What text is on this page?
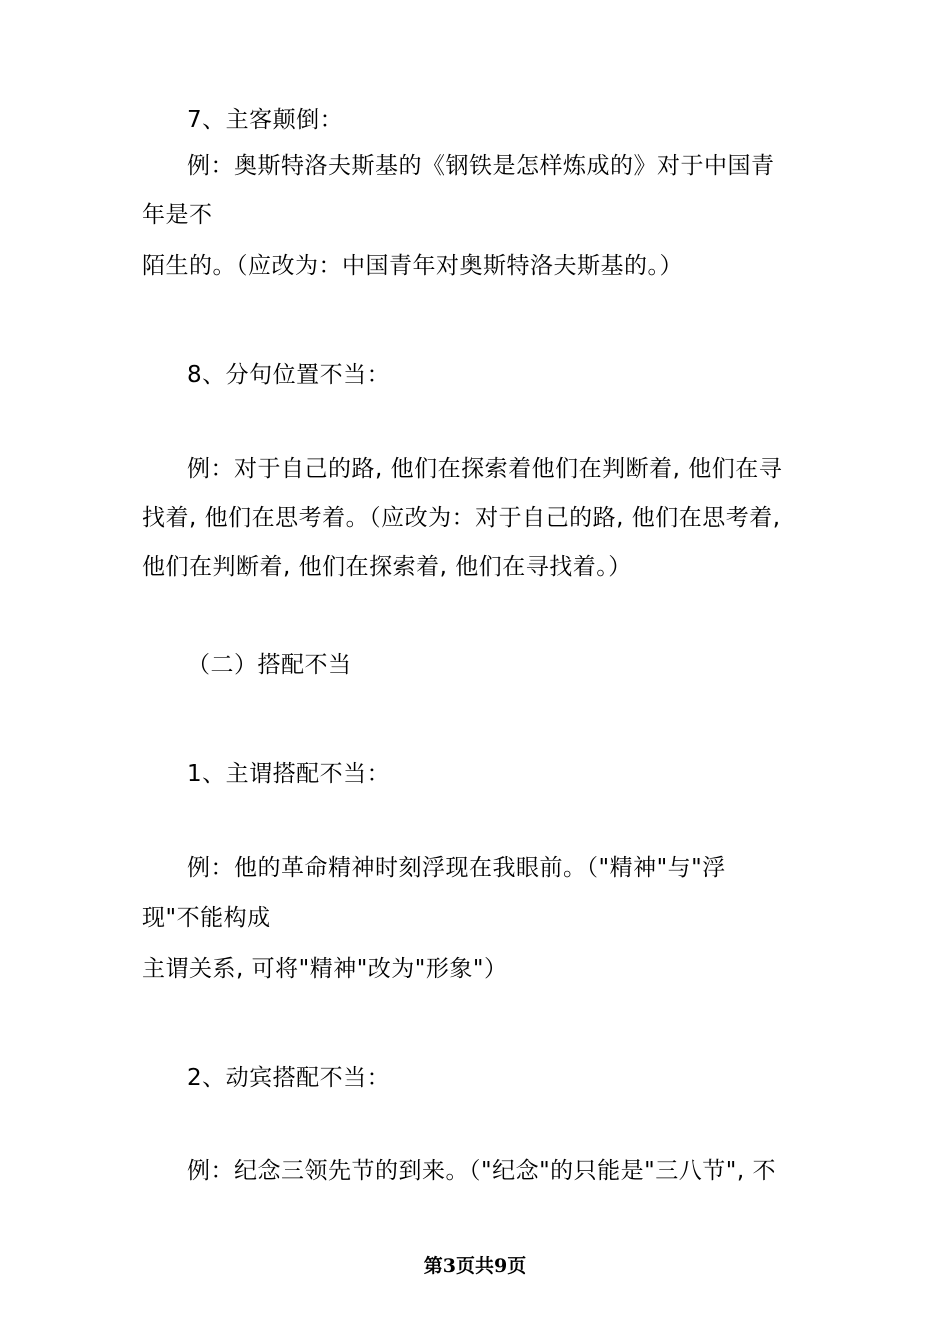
7、主客颠倒：
例：奥斯特洛夫斯基的《钢铁是怎样炼成的》对于中国青
年是不
陌生的。（应改为：中国青年对奥斯特洛夫斯基的。）
8、分句位置不当：
例：对于自己的路, 他们在探索着他们在判断着, 他们在寻
找着, 他们在思考着。（应改为：对于自己的路, 他们在思考着,
他们在判断着, 他们在探索着, 他们在寻找着。）
（二）搭配不当
1、主谓搭配不当：
例：他的革命精神时刻浮现在我眼前。（"精神"与"浮
现"不能构成
主谓关系, 可将"精神"改为"形象"）
2、动宾搭配不当：
例：纪念三领先节的到来。（"纪念"的只能是"三八节", 不
第3页共9页
